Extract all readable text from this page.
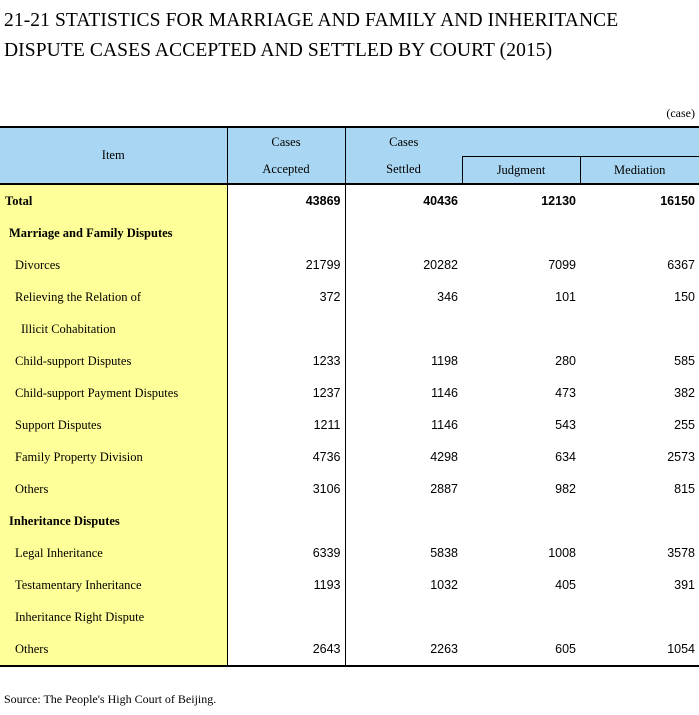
21-21 STATISTICS FOR MARRIAGE AND FAMILY AND INHERITANCE DISPUTE CASES ACCEPTED AND SETTLED BY COURT (2015)
(case)
Item	Cases	Cases		
	Accepted	Settled	Judgment	Mediation
Total	43869	40436	12130	16150
Marriage and Family Disputes				
Divorces	21799	20282	7099	6367
Relieving the Relation of	372	346	101	150
Illicit Cohabitation				
Child-support Disputes	1233	1198	280	585
Child-support Payment Disputes	1237	1146	473	382
Support Disputes	1211	1146	543	255
Family Property Division	4736	4298	634	2573
Others	3106	2887	982	815
Inheritance Disputes				
Legal Inheritance	6339	5838	1008	3578
Testamentary Inheritance	1193	1032	405	391
Inheritance Right Dispute				
Others	2643	2263	605	1054
Source: The People's High Court of Beijing.
